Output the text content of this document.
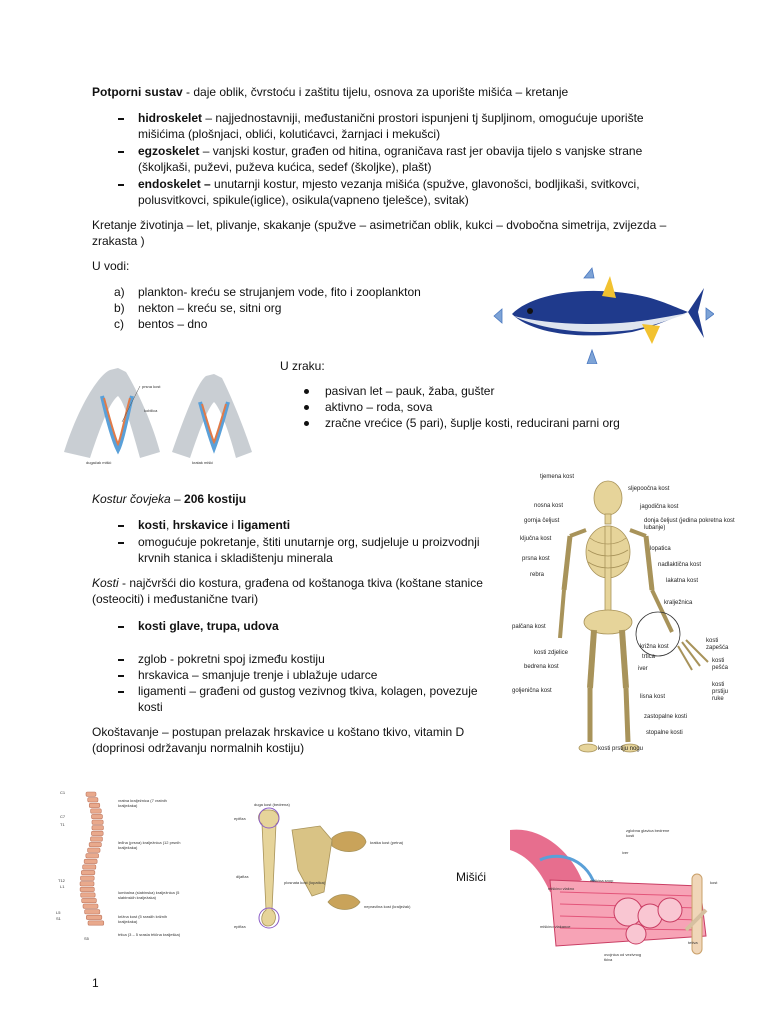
Potporni sustav - daje oblik, čvrstoću i zaštitu tijelu, osnova za uporište mišića – kretanje
hidroskelet – najjednostavniji, međustanični prostori ispunjeni tj šupljinom, omogućuje uporište
mišićima (plošnjaci, oblići, kolutićavci, žarnjaci i mekušci)
egzoskelet – vanjski kostur, građen od hitina, ograničava rast jer obavija tijelo s vanjske strane
(školjkaši, puževi, puževa kućica, sedef (školjke), plašt)
endoskelet – unutarnji kostur, mjesto vezanja mišića (spužve, glavonošci, bodljikaši, svitkovci,
polusvitkovci, spikule(iglice), osikula(vapneno tjelešce), svitak)
Kretanje životinja – let, plivanje, skakanje (spužve – asimetričan oblik, kukci – dvobočna simetrija, zvijezda –
zrakasta )
U vodi:
a) plankton- kreću se strujanjem vode, fito i zooplankton
b) nekton – kreću se, sitni org
c) bentos – dno
U zraku:
pasivan let – pauk, žaba, gušter
aktivno – roda, sova
zračne vrećice (5 pari), šuplje kosti, reducirani parni org
prsna kost
kobilica
dugačak mišić	kratak mišić
Kostur čovjeka – 206 kostiju
kosti, hrskavice i ligamenti
omogućuje pokretanje, štiti unutarnje org, sudjeluje u proizvodnji
krvnih stanica i skladištenju minerala
Kosti - najčvršći dio kostura, građena od koštanoga tkiva (koštane stanice
(osteociti) i međustanične tvari)
kosti glave, trupa, udova
zglob - pokretni spoj između kostiju
hrskavica – smanjuje trenje i ublažuje udarce
ligamenti – građeni od gustog vezivnog tkiva, kolagen, povezuje
kosti
Okoštavanje – postupan prelazak hrskavice u koštano tkivo, vitamin D
(doprinosi održavanju normalnih kostiju)
tjemena kost
nosna kost
gornja čeljust
ključna kost
prsna kost
rebra
palčana kost
kosti zdjelice
bedrena kost
goljenična kost
sljepoočna kost
jagodična kost
donja čeljust (jedina pokretna kost lubanje)
lopatica
nadlaktična kost
lakatna kost
kralježnica
križna kost
trtica
iver
lisna kost
zastopalne kosti
stopalne kosti
kosti prstiju nogu
kosti zapešća
kosti pešća
kosti prstiju ruke
C1
C7
T1
T12
L1
L5
S1
S5
vratna kralježnica (7 vratnih kralježaka)
leđna (prsna) kralježnica (12 prsnih kralježaka)
lumbalna (slabinska) kralježnica (5 slabinskih kralježaka)
križna kost (5 sraslih križnih kralježaka)
trtica (3 – 5 srasla trtična kralješka)
duga kost (bedrena)
epifiza
dijafiza
epifiza
plosnata kost (lopatica)
kratka kost (petna)
nepravilna kost (kralježak)
Mišići
zglobna glavica bedrene kosti
iver
mišićna snop
mišićno vlakno
mišićno vlakance
ovojnica od vezivnog tkiva
tetiva
kost
1
